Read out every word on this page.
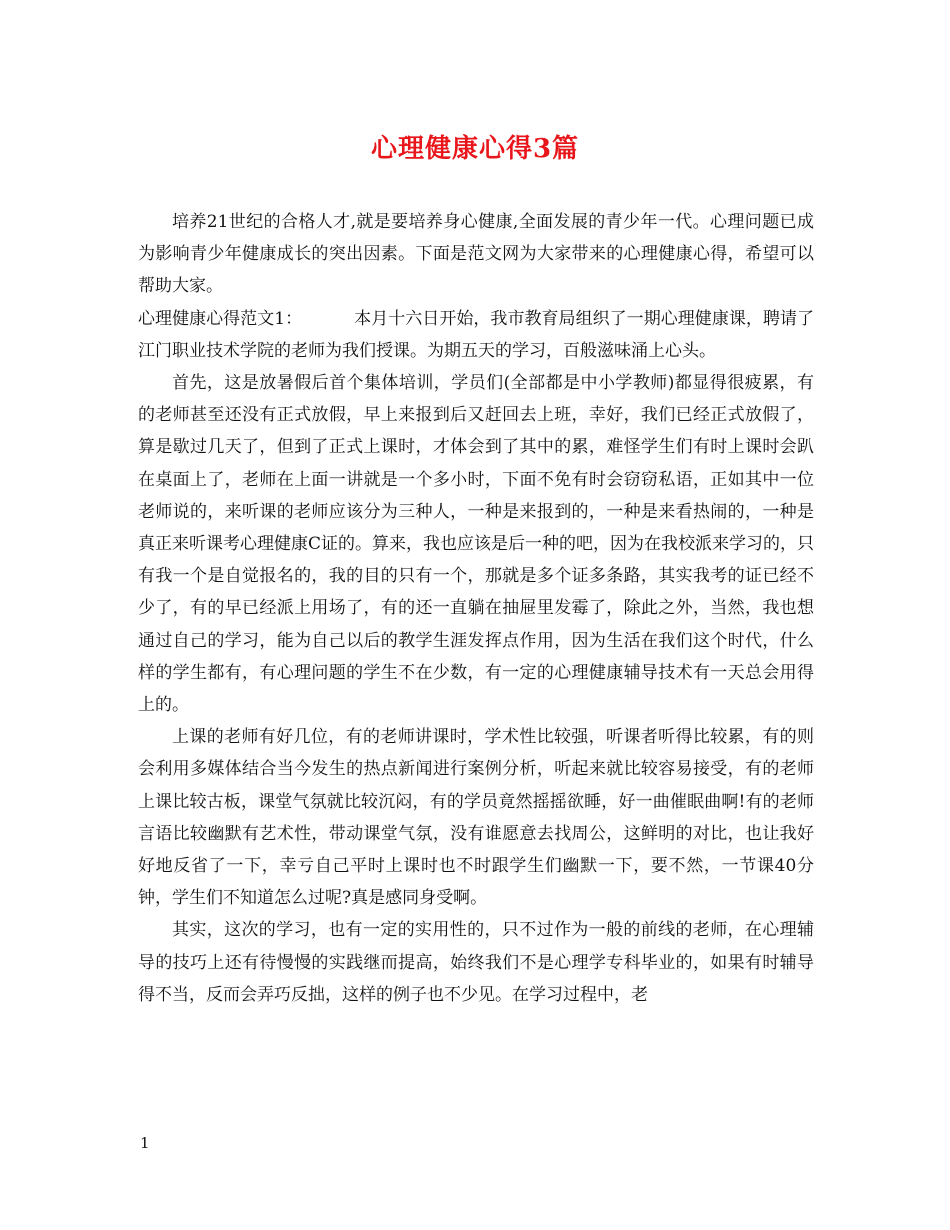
心理健康心得3篇

培养21世纪的合格人才,就是要培养身心健康,全面发展的青少年一代。心理问题已成为影响青少年健康成长的突出因素。下面是范文网为大家带来的心理健康心得，希望可以帮助大家。

心理健康心得范文1：	本月十六日开始，我市教育局组织了一期心理健康课，聘请了江门职业技术学院的老师为我们授课。为期五天的学习，百般滋味涌上心头。

首先，这是放暑假后首个集体培训，学员们(全部都是中小学教师)都显得很疲累，有的老师甚至还没有正式放假，早上来报到后又赶回去上班，幸好，我们已经正式放假了，算是歇过几天了，但到了正式上课时，才体会到了其中的累，难怪学生们有时上课时会趴在桌面上了，老师在上面一讲就是一个多小时，下面不免有时会窃窃私语，正如其中一位老师说的，来听课的老师应该分为三种人，一种是来报到的，一种是来看热闹的，一种是真正来听课考心理健康C证的。算来，我也应该是后一种的吧，因为在我校派来学习的，只有我一个是自觉报名的，我的目的只有一个，那就是多个证多条路，其实我考的证已经不少了，有的早已经派上用场了，有的还一直躺在抽屉里发霉了，除此之外，当然，我也想通过自己的学习，能为自己以后的教学生涯发挥点作用，因为生活在我们这个时代，什么样的学生都有，有心理问题的学生不在少数，有一定的心理健康辅导技术有一天总会用得上的。

上课的老师有好几位，有的老师讲课时，学术性比较强，听课者听得比较累，有的则会利用多媒体结合当今发生的热点新闻进行案例分析，听起来就比较容易接受，有的老师上课比较古板，课堂气氛就比较沉闷，有的学员竟然摇摇欲睡，好一曲催眠曲啊!有的老师言语比较幽默有艺术性，带动课堂气氛，没有谁愿意去找周公，这鲜明的对比，也让我好好地反省了一下，幸亏自己平时上课时也不时跟学生们幽默一下，要不然，一节课40分钟，学生们不知道怎么过呢?真是感同身受啊。

其实，这次的学习，也有一定的实用性的，只不过作为一般的前线的老师，在心理辅导的技巧上还有待慢慢的实践继而提高，始终我们不是心理学专科毕业的，如果有时辅导得不当，反而会弄巧反拙，这样的例子也不少见。在学习过程中，老

1
